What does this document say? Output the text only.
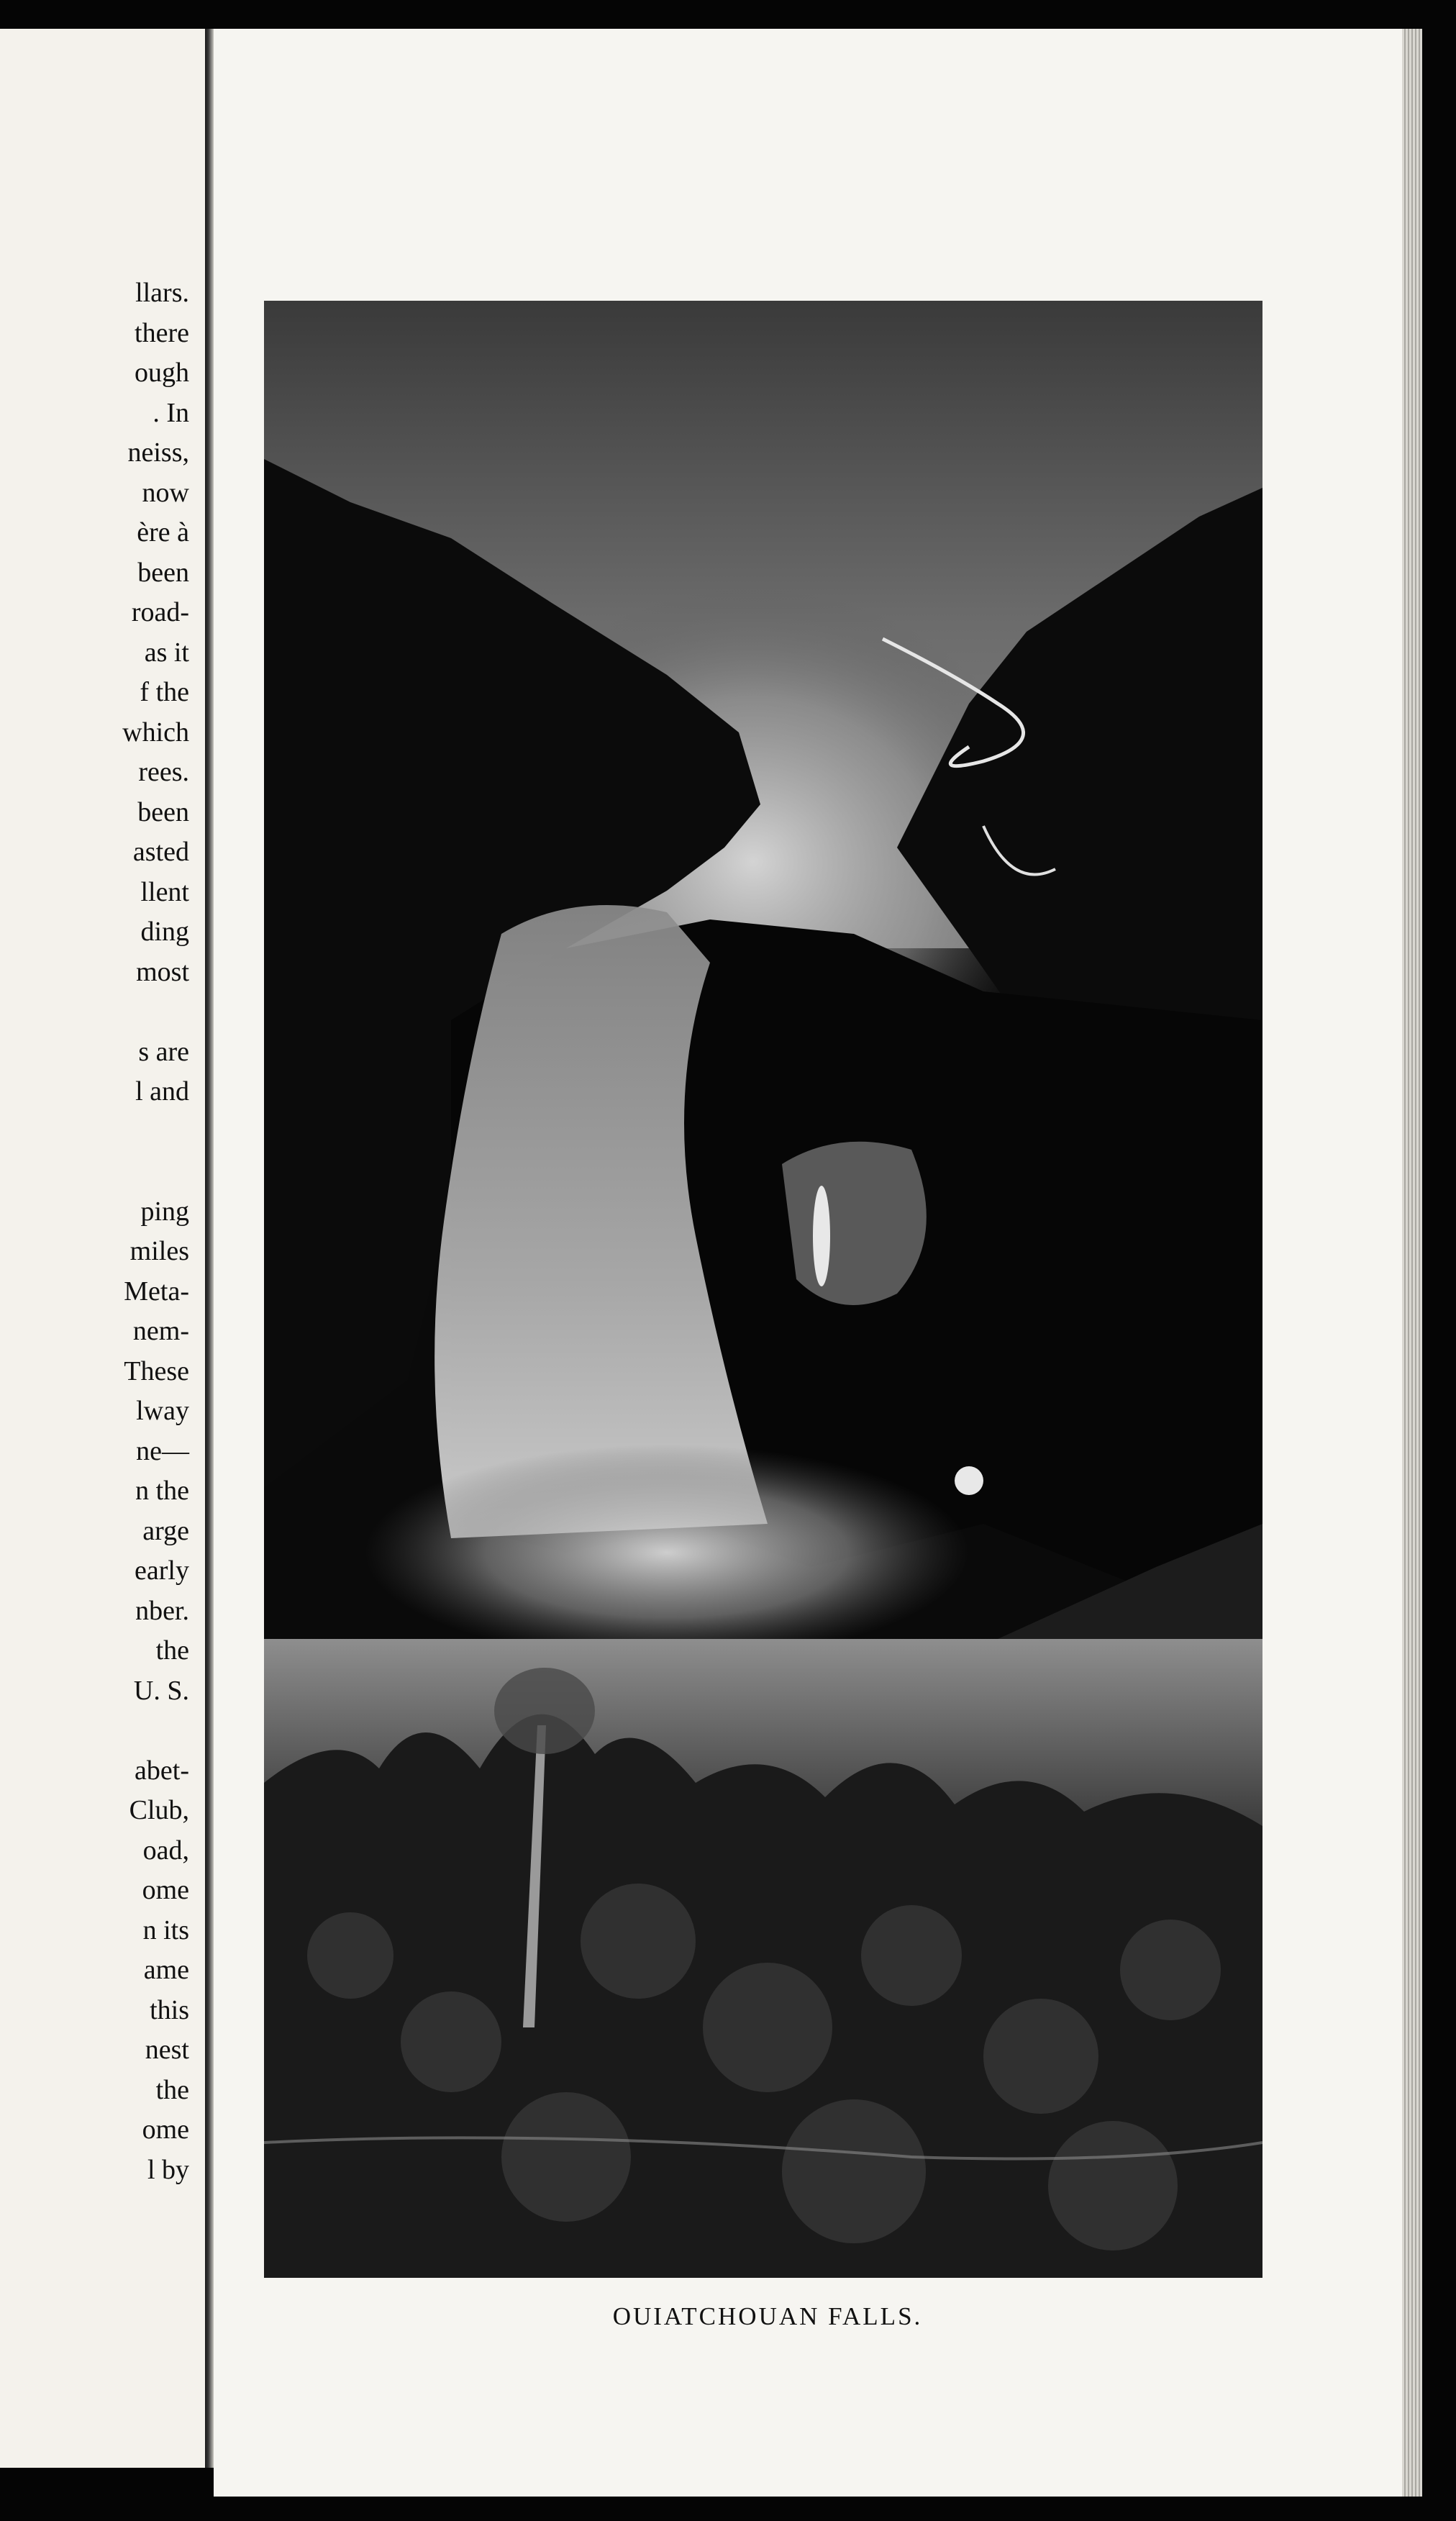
llars.
there
ough
. In
neiss,
now
ère à
been
road-
as it
f the
which
rees.
been
asted
llent
ding
most
s are
l and
ping
miles
Meta-
nem-
These
lway
ne—
n the
arge
early
nber.
the
U. S.
abet-
Club,
oad,
ome
n its
ame
this
nest
the
ome
l by
OUIATCHOUAN FALLS.
